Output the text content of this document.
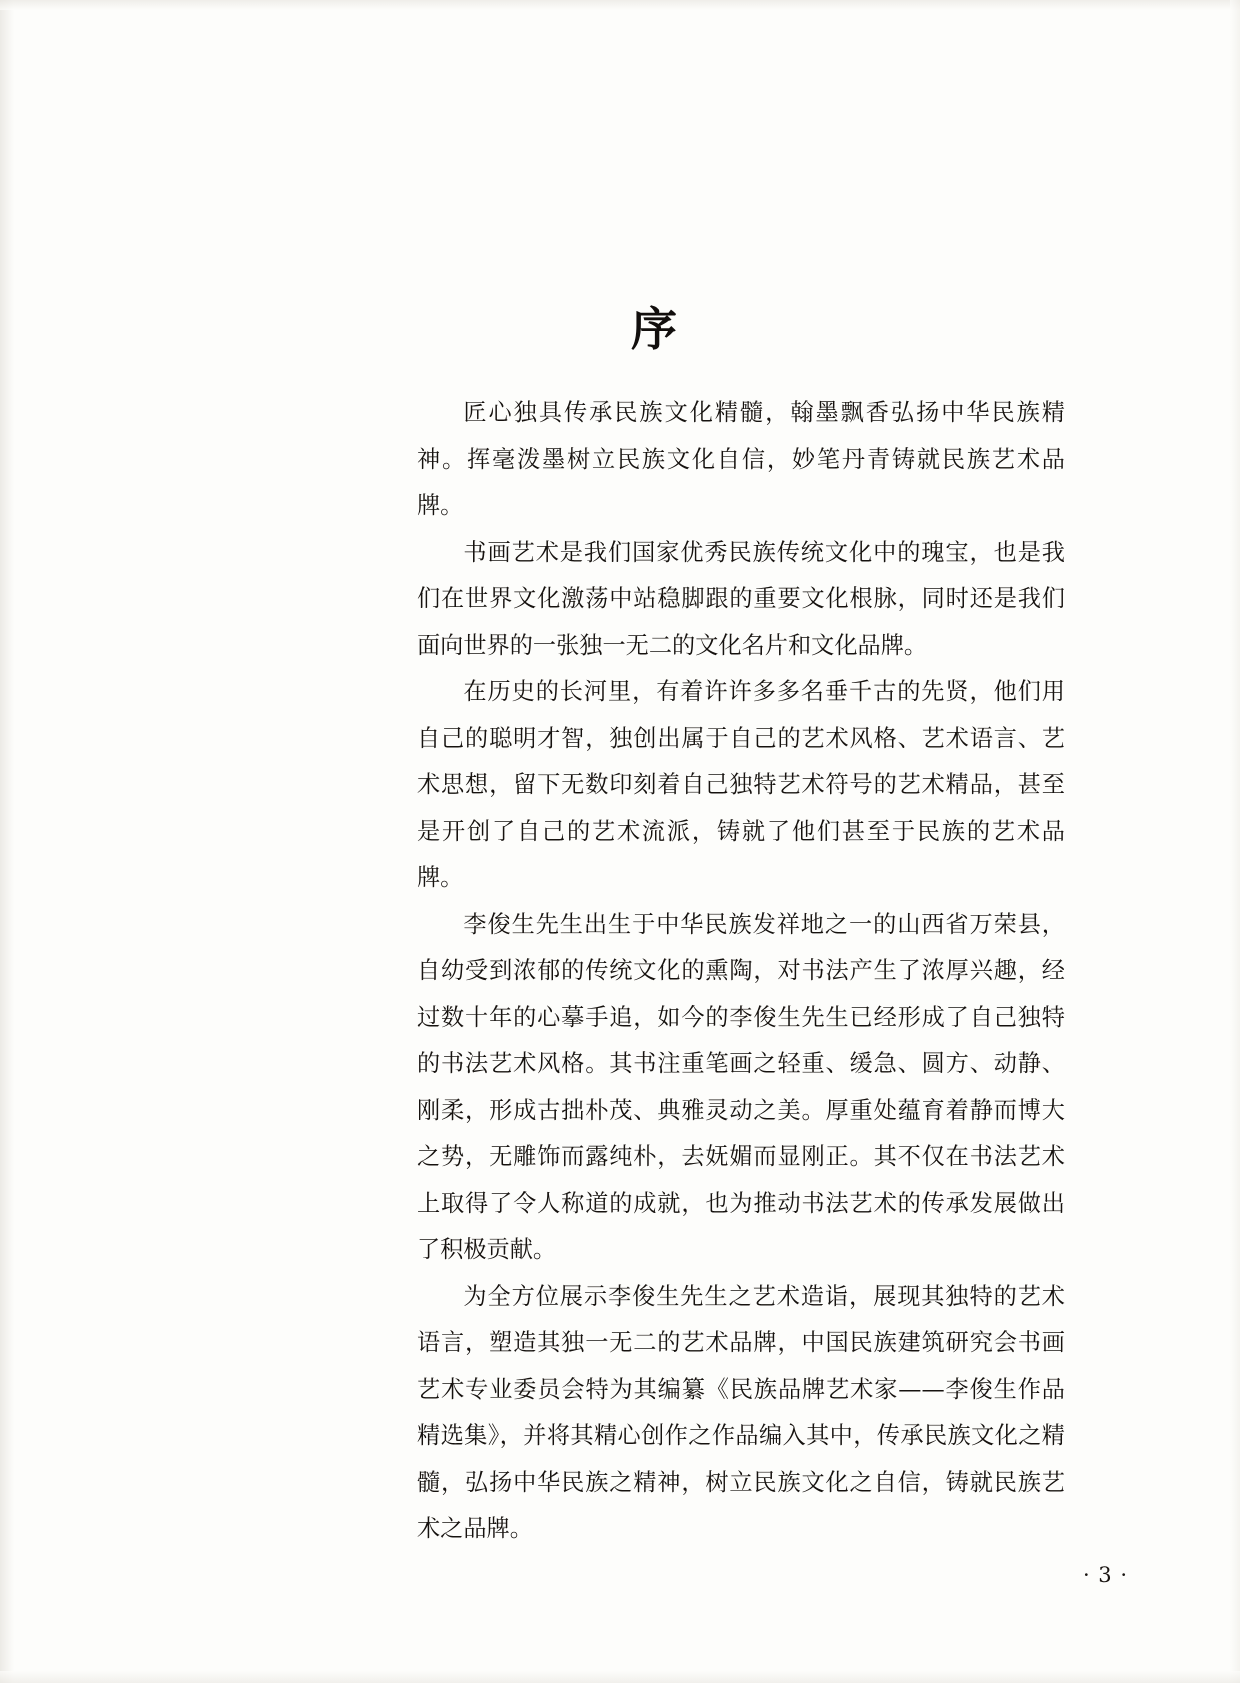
序

匠心独具传承民族文化精髓，翰墨飘香弘扬中华民族精神。挥毫泼墨树立民族文化自信，妙笔丹青铸就民族艺术品牌。

书画艺术是我们国家优秀民族传统文化中的瑰宝，也是我们在世界文化激荡中站稳脚跟的重要文化根脉，同时还是我们面向世界的一张独一无二的文化名片和文化品牌。

在历史的长河里，有着许许多多名垂千古的先贤，他们用自己的聪明才智，独创出属于自己的艺术风格、艺术语言、艺术思想，留下无数印刻着自己独特艺术符号的艺术精品，甚至是开创了自己的艺术流派，铸就了他们甚至于民族的艺术品牌。

李俊生先生出生于中华民族发祥地之一的山西省万荣县，自幼受到浓郁的传统文化的熏陶，对书法产生了浓厚兴趣，经过数十年的心摹手追，如今的李俊生先生已经形成了自己独特的书法艺术风格。其书注重笔画之轻重、缓急、圆方、动静、刚柔，形成古拙朴茂、典雅灵动之美。厚重处蕴育着静而博大之势，无雕饰而露纯朴，去妩媚而显刚正。其不仅在书法艺术上取得了令人称道的成就，也为推动书法艺术的传承发展做出了积极贡献。

为全方位展示李俊生先生之艺术造诣，展现其独特的艺术语言，塑造其独一无二的艺术品牌，中国民族建筑研究会书画艺术专业委员会特为其编纂《民族品牌艺术家——李俊生作品精选集》，并将其精心创作之作品编入其中，传承民族文化之精髓，弘扬中华民族之精神，树立民族文化之自信，铸就民族艺术之品牌。

· 3 ·
